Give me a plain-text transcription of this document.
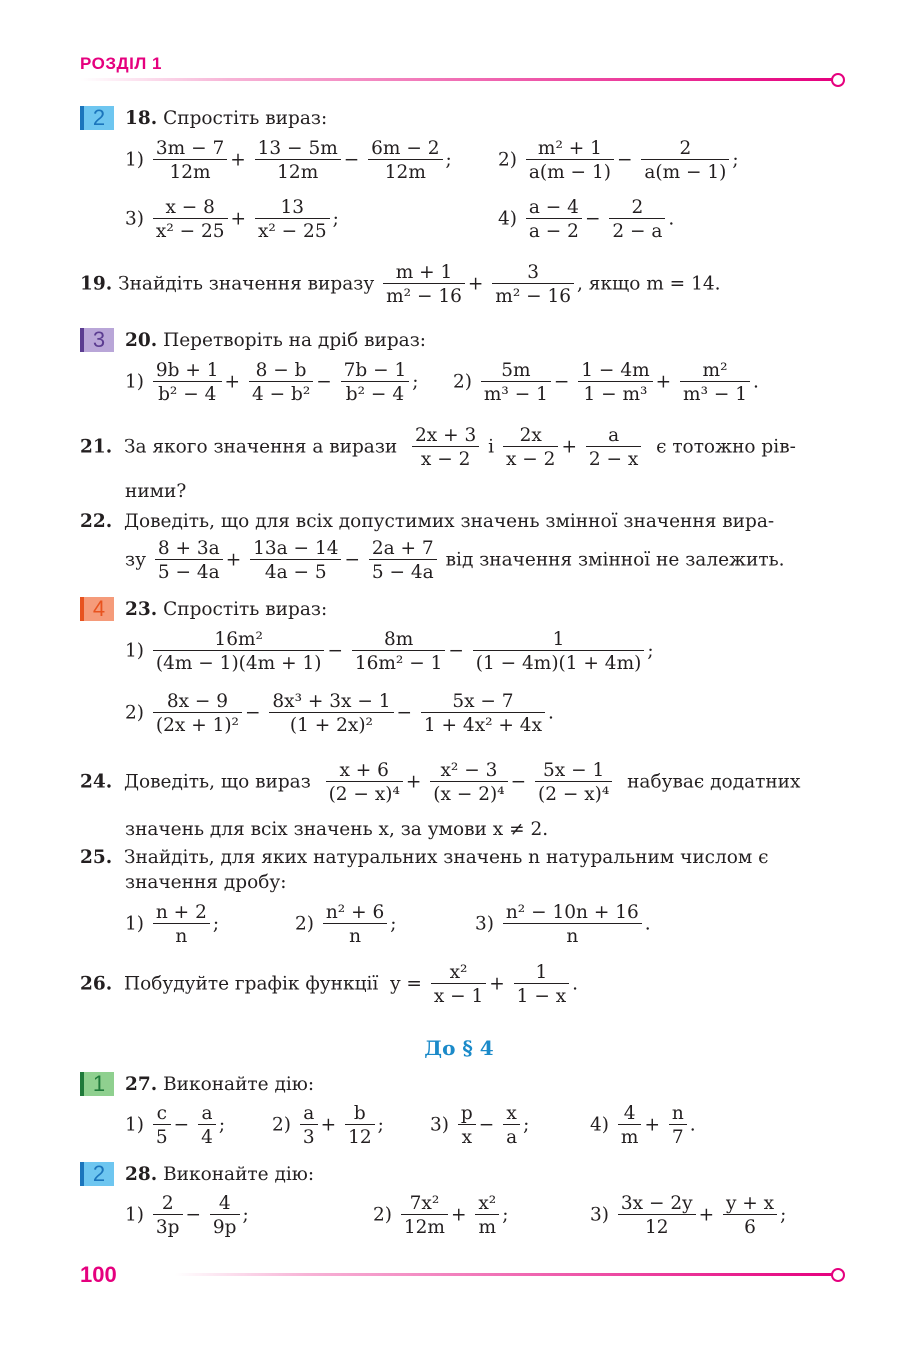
РОЗДІЛ 1
2	18. Спростіть вираз:
$1) \frac{3m - 7}{12m} + \frac{13 - 5m}{12m} - \frac{6m - 2}{12m}$ ;	$2) \frac{\text{m² + 1}}{a(m - 1)} - \frac{2}{a(m - 1)}$ ;
$3) \frac{x - 8}{\text{x² − 25}} + \frac{13}{\text{x² − 25}}$ ;	$4) \frac{a - 4}{a - 2} - \frac{2}{2 - a}$ .
19. Знайдіть значення виразу $\frac{m + 1}{\text{m² − 16}} + \frac{3}{\text{m² − 16}}$ , якщо m = 14.
3	20. Перетворіть на дріб вираз:
$1) \frac{9b + 1}{\text{b² − 4}} + \frac{8 - b}{\text{4 − b²}} - \frac{7b - 1}{\text{b² − 4}}$ ; $2) \frac{5m}{\text{m³ − 1}} - \frac{1 - 4m}{\text{1 − m³}} + \frac{\text{m²}}{\text{m³ − 1}}$ .
21. За якого значення a вирази $\frac{2x + 3}{x - 2}$ і $\frac{2x}{x - 2} + \frac{a}{2 - x}$ є тотожно рів-
ними?
22. Доведіть, що для всіх допустимих значень змінної значення вира-
зу $\frac{8 + 3a}{5 - 4a} + \frac{13a - 14}{4a - 5} - \frac{2a + 7}{5 - 4a}$ від значення змінної не залежить.
4	23. Спростіть вираз:
$1) \frac{\text{16m²}}{(4m - 1)(4m + 1)} - \frac{8m}{\text{16m² − 1}} - \frac{1}{(1 - 4m)(1 + 4m)}$ ;
$2) \frac{8x - 9}{\text{(2x + 1)²}} - \frac{\text{8x³ + 3x − 1}}{\text{(1 + 2x)²}} - \frac{5x - 7}{\text{1 + 4x² + 4x}}$ .
24. Доведіть, що вираз $\frac{x + 6}{\text{(2 − x)⁴}} + \frac{\text{x² − 3}}{\text{(x − 2)⁴}} - \frac{5x - 1}{\text{(2 − x)⁴}}$ набуває додатних
значень для всіх значень x, за умови x ≠ 2.
25. Знайдіть, для яких натуральних значень n натуральним числом є
значення дробу:
$1) \frac{n + 2}{n}$ ;	$2) \frac{\text{n² + 6}}{n}$ ;	$3) \frac{\text{n² − 10n + 16}}{n}$ .
26. Побудуйте графік функції $y = \frac{\text{x²}}{x - 1} + \frac{1}{1 - x}$ .
До § 4
1	27. Виконайте дію:
$1) \frac{c}{5} - \frac{a}{4}$ ;	$2) \frac{a}{3} + \frac{b}{12}$ ; $3) \frac{p}{x} - \frac{x}{a}$ ;	$4) \frac{4}{m} + \frac{n}{7}$ .
2	28. Виконайте дію:
$1) \frac{2}{3p} - \frac{4}{9p}$ ;	$2) \frac{\text{7x²}}{12m} + \frac{\text{x²}}{m}$ ;	$3) \frac{3x - 2y}{12} + \frac{y + x}{6}$ ;
100
